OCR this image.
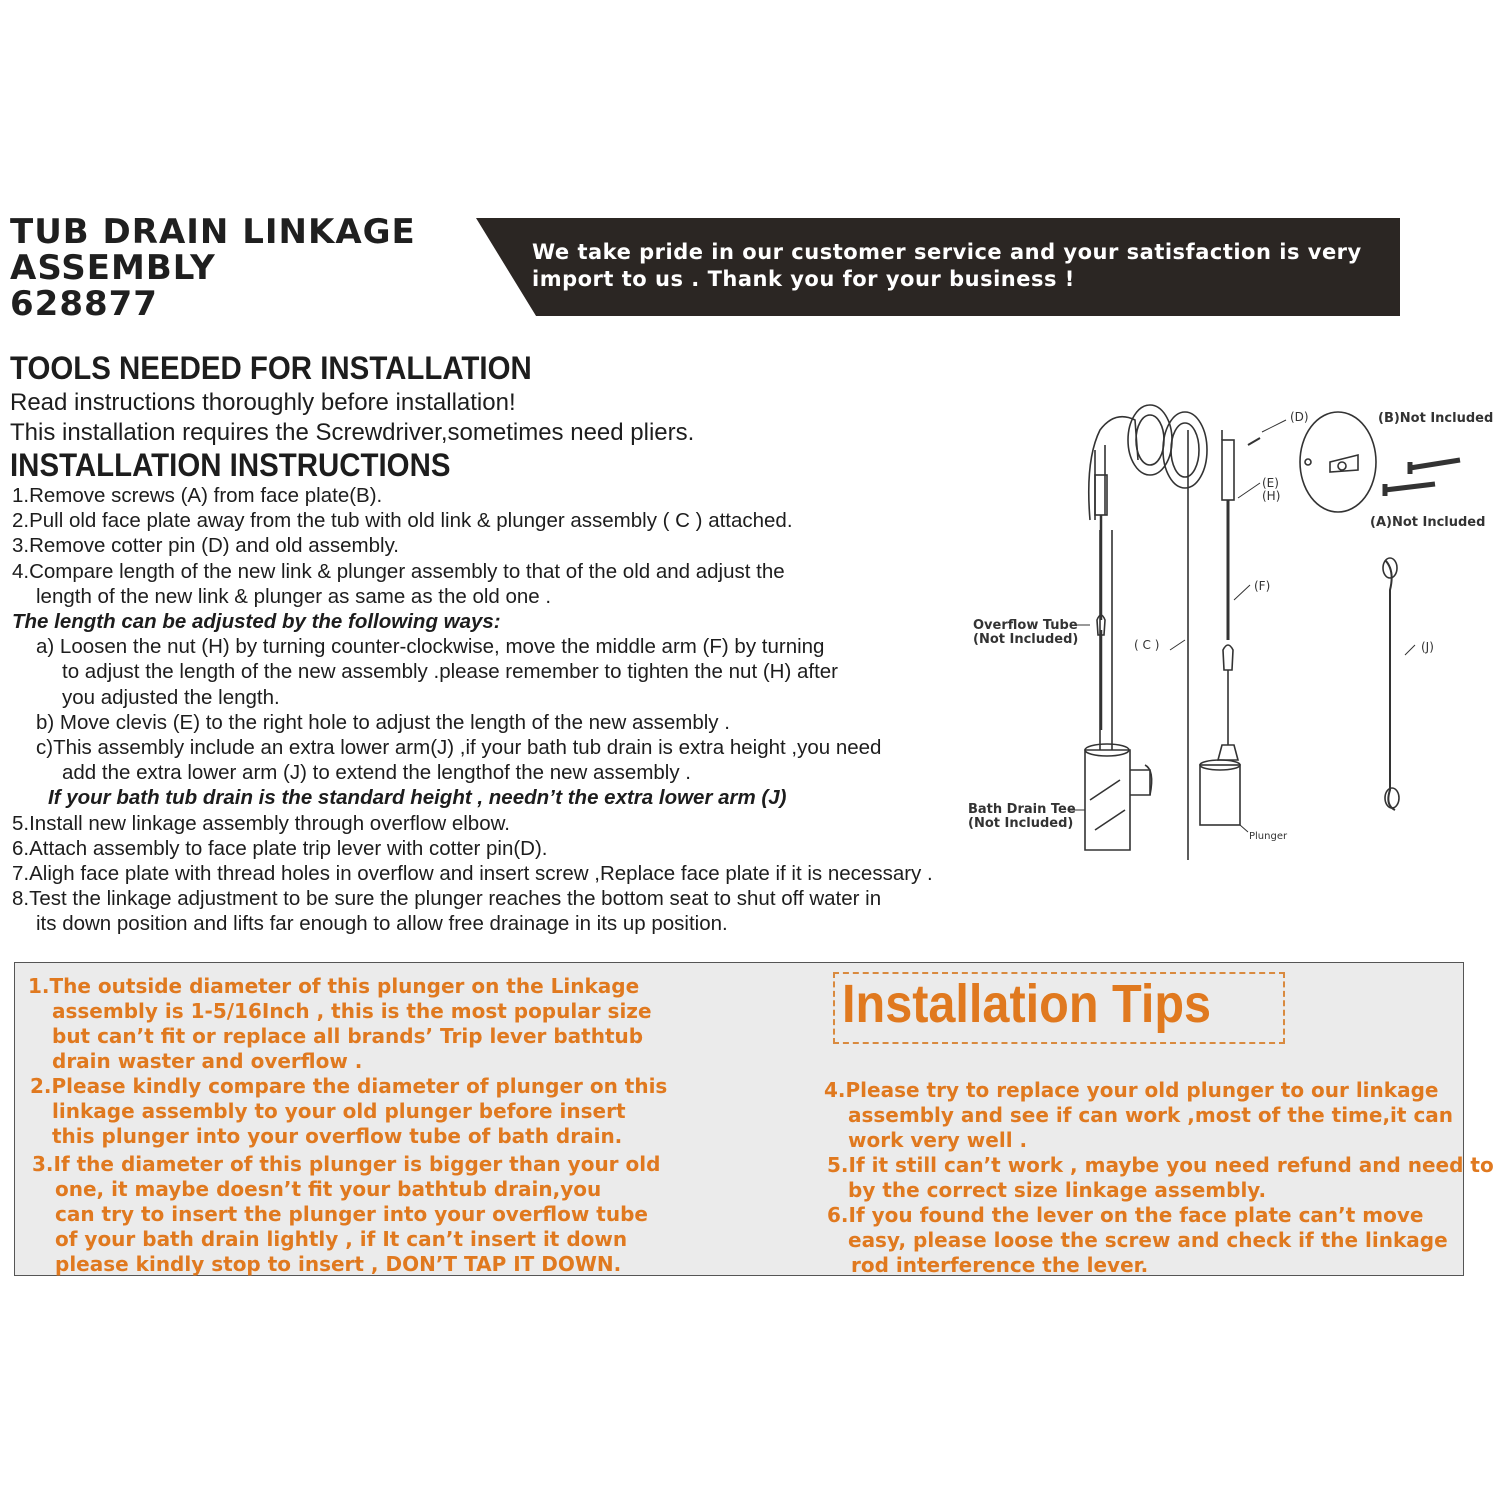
TUB DRAIN LINKAGE
ASSEMBLY
628877
We take pride in our customer service and your satisfaction is very
import to us . Thank you for your business !
TOOLS NEEDED FOR INSTALLATION
Read instructions thoroughly before installation!
This installation requires the Screwdriver,sometimes need pliers.
INSTALLATION INSTRUCTIONS
1.Remove screws (A) from face plate(B).
2.Pull old face plate away from the tub with old link & plunger assembly ( C ) attached.
3.Remove cotter pin (D) and old assembly.
4.Compare length of the new link & plunger assembly to that of the old and adjust the
length of the new link & plunger as same as the old one .
The length can be adjusted by the following ways:
a) Loosen the nut (H) by turning counter-clockwise, move the middle arm (F) by turning
to adjust the length of the new assembly .please remember to tighten the nut (H) after
you adjusted the length.
b) Move clevis (E) to the right hole to adjust the length of the new assembly .
c)This assembly include an extra lower arm(J) ,if your bath tub drain is extra height ,you need
add the extra lower arm (J) to extend the lengthof the new assembly .
If your bath tub drain is the standard height , needn’t the extra lower arm (J)
5.Install new linkage assembly through overflow elbow.
6.Attach assembly to face plate trip lever with cotter pin(D).
7.Aligh face plate with thread holes in overflow and insert screw ,Replace face plate if it is necessary .
8.Test the linkage adjustment to be sure the plunger reaches the bottom seat to shut off water in
its down position and lifts far enough to allow free drainage in its up position.
(D)	(B)Not Included
(E)
(H)
(A)Not Included
(F)
Overflow Tube
(Not Included)	( C )	(J)
Bath Drain Tee
(Not Included)
Plunger
Installation Tips
1.The outside diameter of this plunger on the Linkage
assembly is 1-5/16Inch , this is the most popular size
but can’t fit or replace all brands’ Trip lever bathtub
drain waster and overflow .
2.Please kindly compare the diameter of plunger on this
linkage assembly to your old plunger before insert
this plunger into your overflow tube of bath drain.
3.If the diameter of this plunger is bigger than your old
one, it maybe doesn’t fit your bathtub drain,you
can try to insert the plunger into your overflow tube
of your bath drain lightly , if It can’t insert it down
please kindly stop to insert , DON’T TAP IT DOWN.
4.Please try to replace your old plunger to our linkage
assembly and see if can work ,most of the time,it can
work very well .
5.If it still can’t work , maybe you need refund and need to
by the correct size linkage assembly.
6.If you found the lever on the face plate can’t move
easy, please loose the screw and check if the linkage
rod interference the lever.
